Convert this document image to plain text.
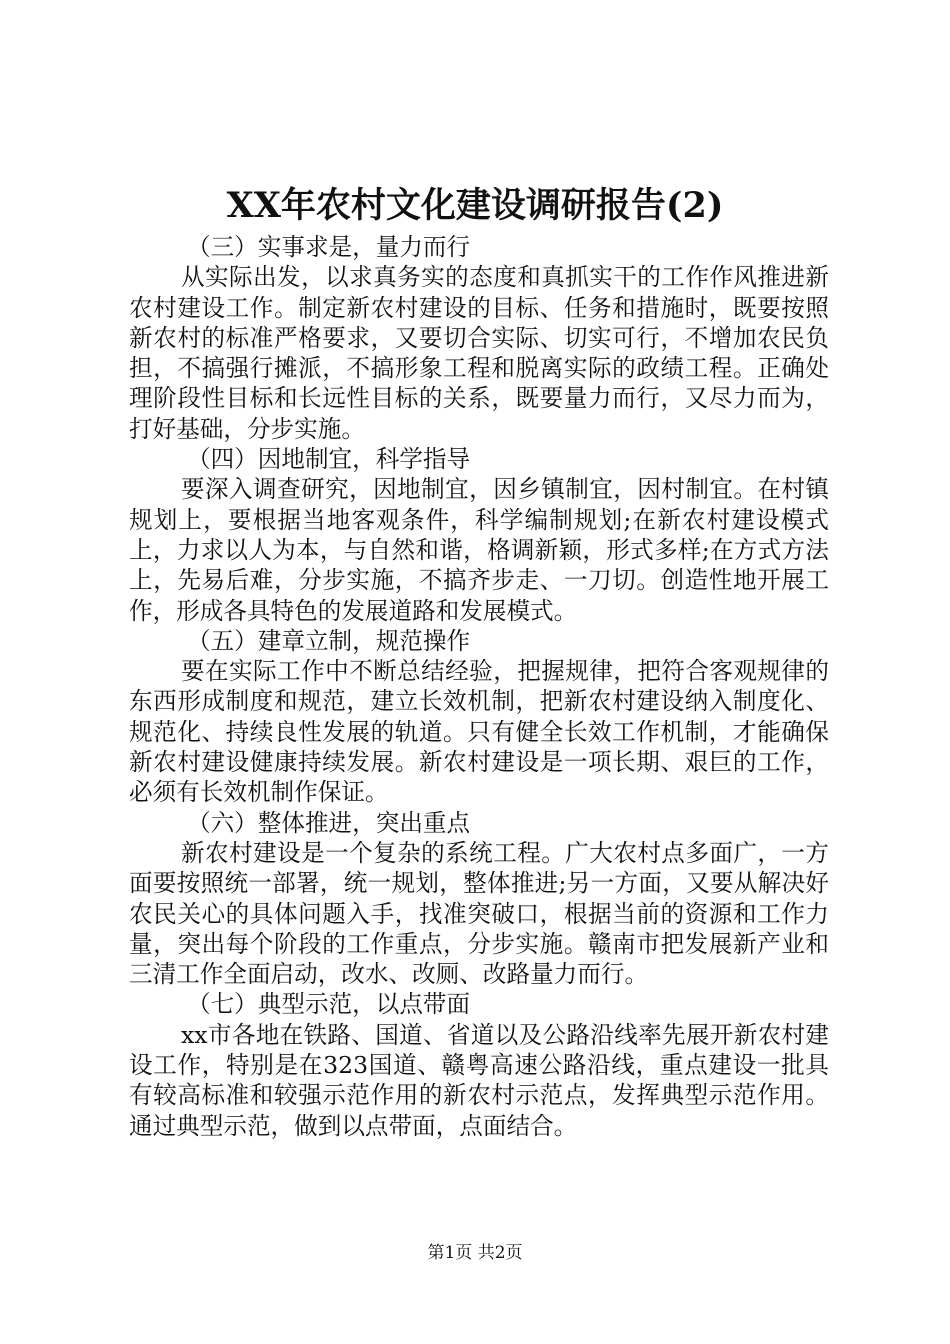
XX年农村文化建设调研报告(2)

（三）实事求是，量力而行

从实际出发，以求真务实的态度和真抓实干的工作作风推进新农村建设工作。制定新农村建设的目标、任务和措施时，既要按照新农村的标准严格要求，又要切合实际、切实可行，不增加农民负担，不搞强行摊派，不搞形象工程和脱离实际的政绩工程。正确处理阶段性目标和长远性目标的关系，既要量力而行，又尽力而为，打好基础，分步实施。

（四）因地制宜，科学指导

要深入调查研究，因地制宜，因乡镇制宜，因村制宜。在村镇规划上，要根据当地客观条件，科学编制规划;在新农村建设模式上，力求以人为本，与自然和谐，格调新颖，形式多样;在方式方法上，先易后难，分步实施，不搞齐步走、一刀切。创造性地开展工作，形成各具特色的发展道路和发展模式。

（五）建章立制，规范操作

要在实际工作中不断总结经验，把握规律，把符合客观规律的东西形成制度和规范，建立长效机制，把新农村建设纳入制度化、规范化、持续良性发展的轨道。只有健全长效工作机制，才能确保新农村建设健康持续发展。新农村建设是一项长期、艰巨的工作，必须有长效机制作保证。

（六）整体推进，突出重点

新农村建设是一个复杂的系统工程。广大农村点多面广，一方面要按照统一部署，统一规划，整体推进;另一方面，又要从解决好农民关心的具体问题入手，找准突破口，根据当前的资源和工作力量，突出每个阶段的工作重点，分步实施。赣南市把发展新产业和三清工作全面启动，改水、改厕、改路量力而行。

（七）典型示范，以点带面

xx市各地在铁路、国道、省道以及公路沿线率先展开新农村建设工作，特别是在323国道、赣粤高速公路沿线，重点建设一批具有较高标准和较强示范作用的新农村示范点，发挥典型示范作用。通过典型示范，做到以点带面，点面结合。

第1页 共2页
